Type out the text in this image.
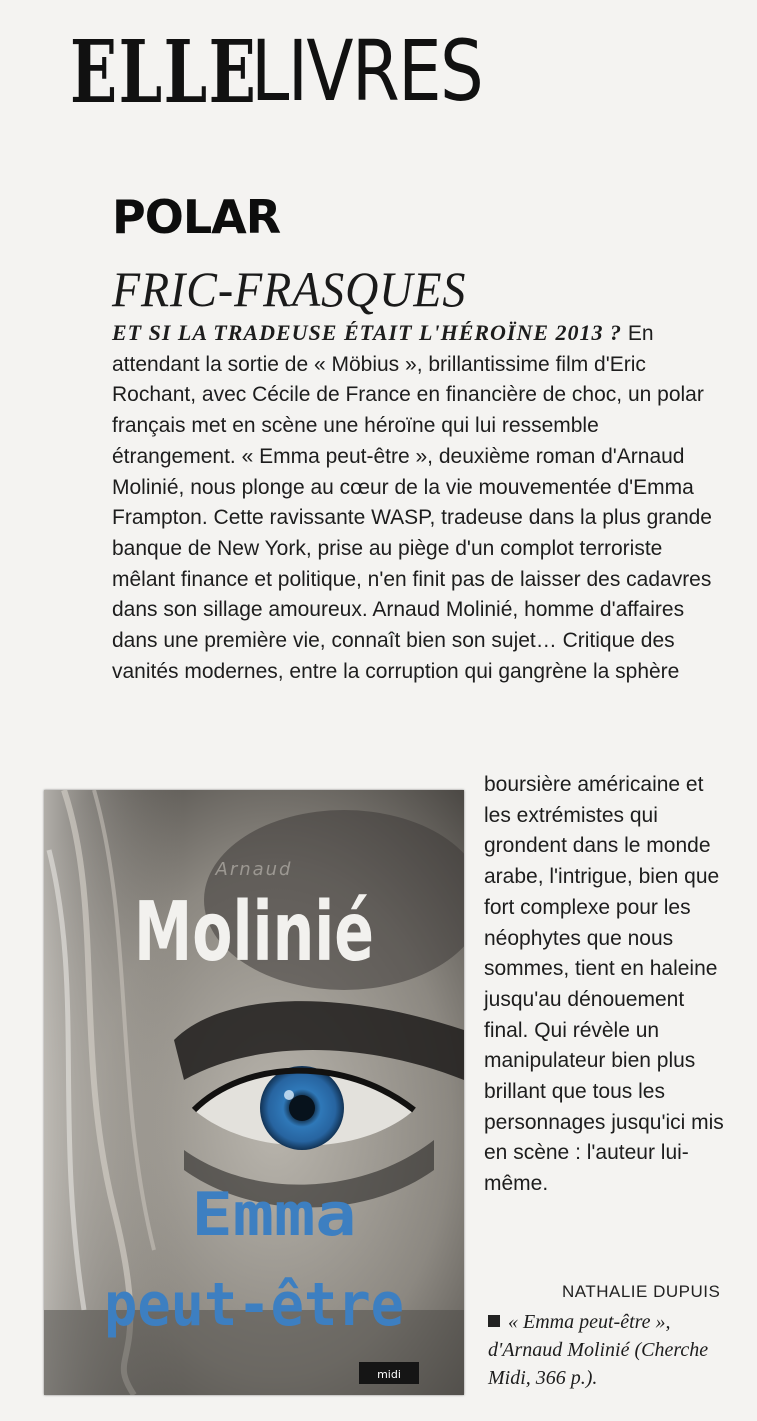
ELLELIVRES
POLAR
FRIC-FRASQUES
ET SI LA TRADEUSE ÉTAIT L'HÉROÏNE 2013 ? En attendant la sortie de « Möbius », brillantissime film d'Eric Rochant, avec Cécile de France en financière de choc, un polar français met en scène une héroïne qui lui ressemble étrangement. « Emma peut-être », deuxième roman d'Arnaud Molinié, nous plonge au cœur de la vie mouvementée d'Emma Frampton. Cette ravissante WASP, tradeuse dans la plus grande banque de New York, prise au piège d'un complot terroriste mêlant finance et politique, n'en finit pas de laisser des cadavres dans son sillage amoureux. Arnaud Molinié, homme d'affaires dans une première vie, connaît bien son sujet… Critique des vanités modernes, entre la corruption qui gangrène la sphère
Arnaud
Molinié
Emma
peut-être
midi
boursière américaine et les extrémistes qui grondent dans le monde arabe, l'intrigue, bien que fort complexe pour les néophytes que nous sommes, tient en haleine jusqu'au dénouement final. Qui révèle un manipulateur bien plus brillant que tous les personnages jusqu'ici mis en scène : l'auteur lui-même.
NATHALIE DUPUIS
« Emma peut-être », d'Arnaud Molinié (Cherche Midi, 366 p.).
